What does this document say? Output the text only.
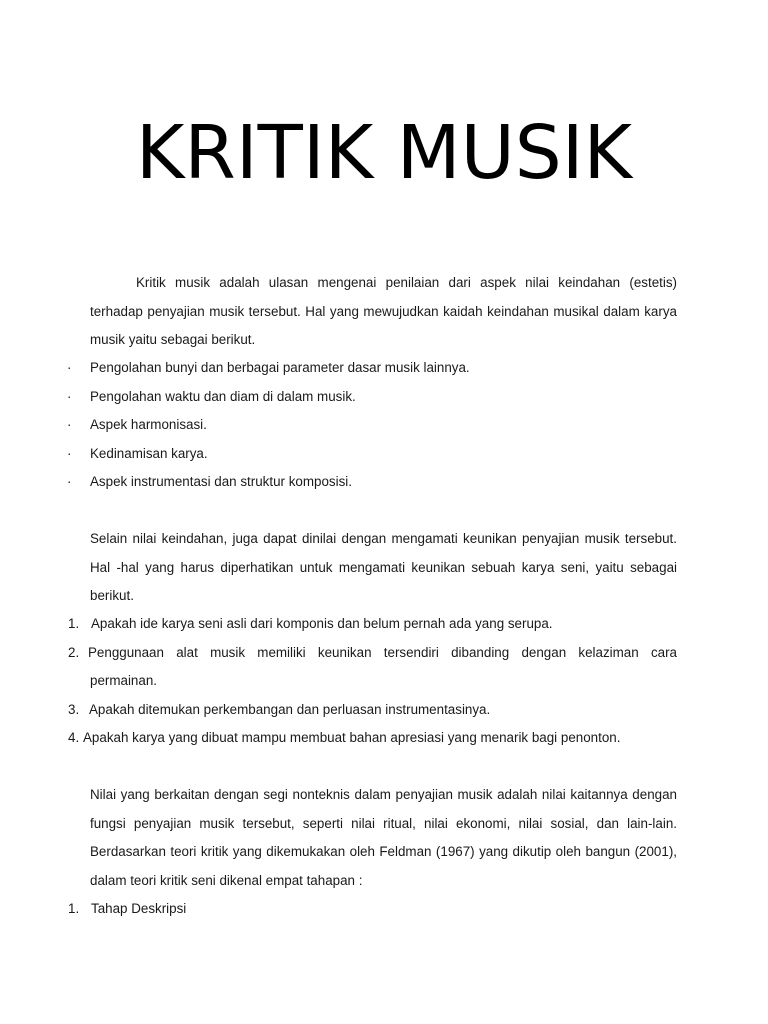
KRITIK MUSIK

Kritik musik adalah ulasan mengenai penilaian dari aspek nilai keindahan (estetis) terhadap penyajian musik tersebut. Hal yang mewujudkan kaidah keindahan musikal dalam karya musik yaitu sebagai berikut.

· Pengolahan bunyi dan berbagai parameter dasar musik lainnya.
· Pengolahan waktu dan diam di dalam musik.
· Aspek harmonisasi.
· Kedinamisan karya.
· Aspek instrumentasi dan struktur komposisi.

Selain nilai keindahan, juga dapat dinilai dengan mengamati keunikan penyajian musik tersebut. Hal -hal yang harus diperhatikan untuk mengamati keunikan sebuah karya seni, yaitu sebagai berikut.

1. Apakah ide karya seni asli dari komponis dan belum pernah ada yang serupa.
2. Penggunaan alat musik memiliki keunikan tersendiri dibanding dengan kelaziman cara
permainan.
3. Apakah ditemukan perkembangan dan perluasan instrumentasinya.
4. Apakah karya yang dibuat mampu membuat bahan apresiasi yang menarik bagi penonton.

Nilai yang berkaitan dengan segi nonteknis dalam penyajian musik adalah nilai kaitannya dengan fungsi penyajian musik tersebut, seperti nilai ritual, nilai ekonomi, nilai sosial, dan lain-lain. Berdasarkan teori kritik yang dikemukakan oleh Feldman (1967) yang dikutip oleh bangun (2001), dalam teori kritik seni dikenal empat tahapan :

1. Tahap Deskripsi
